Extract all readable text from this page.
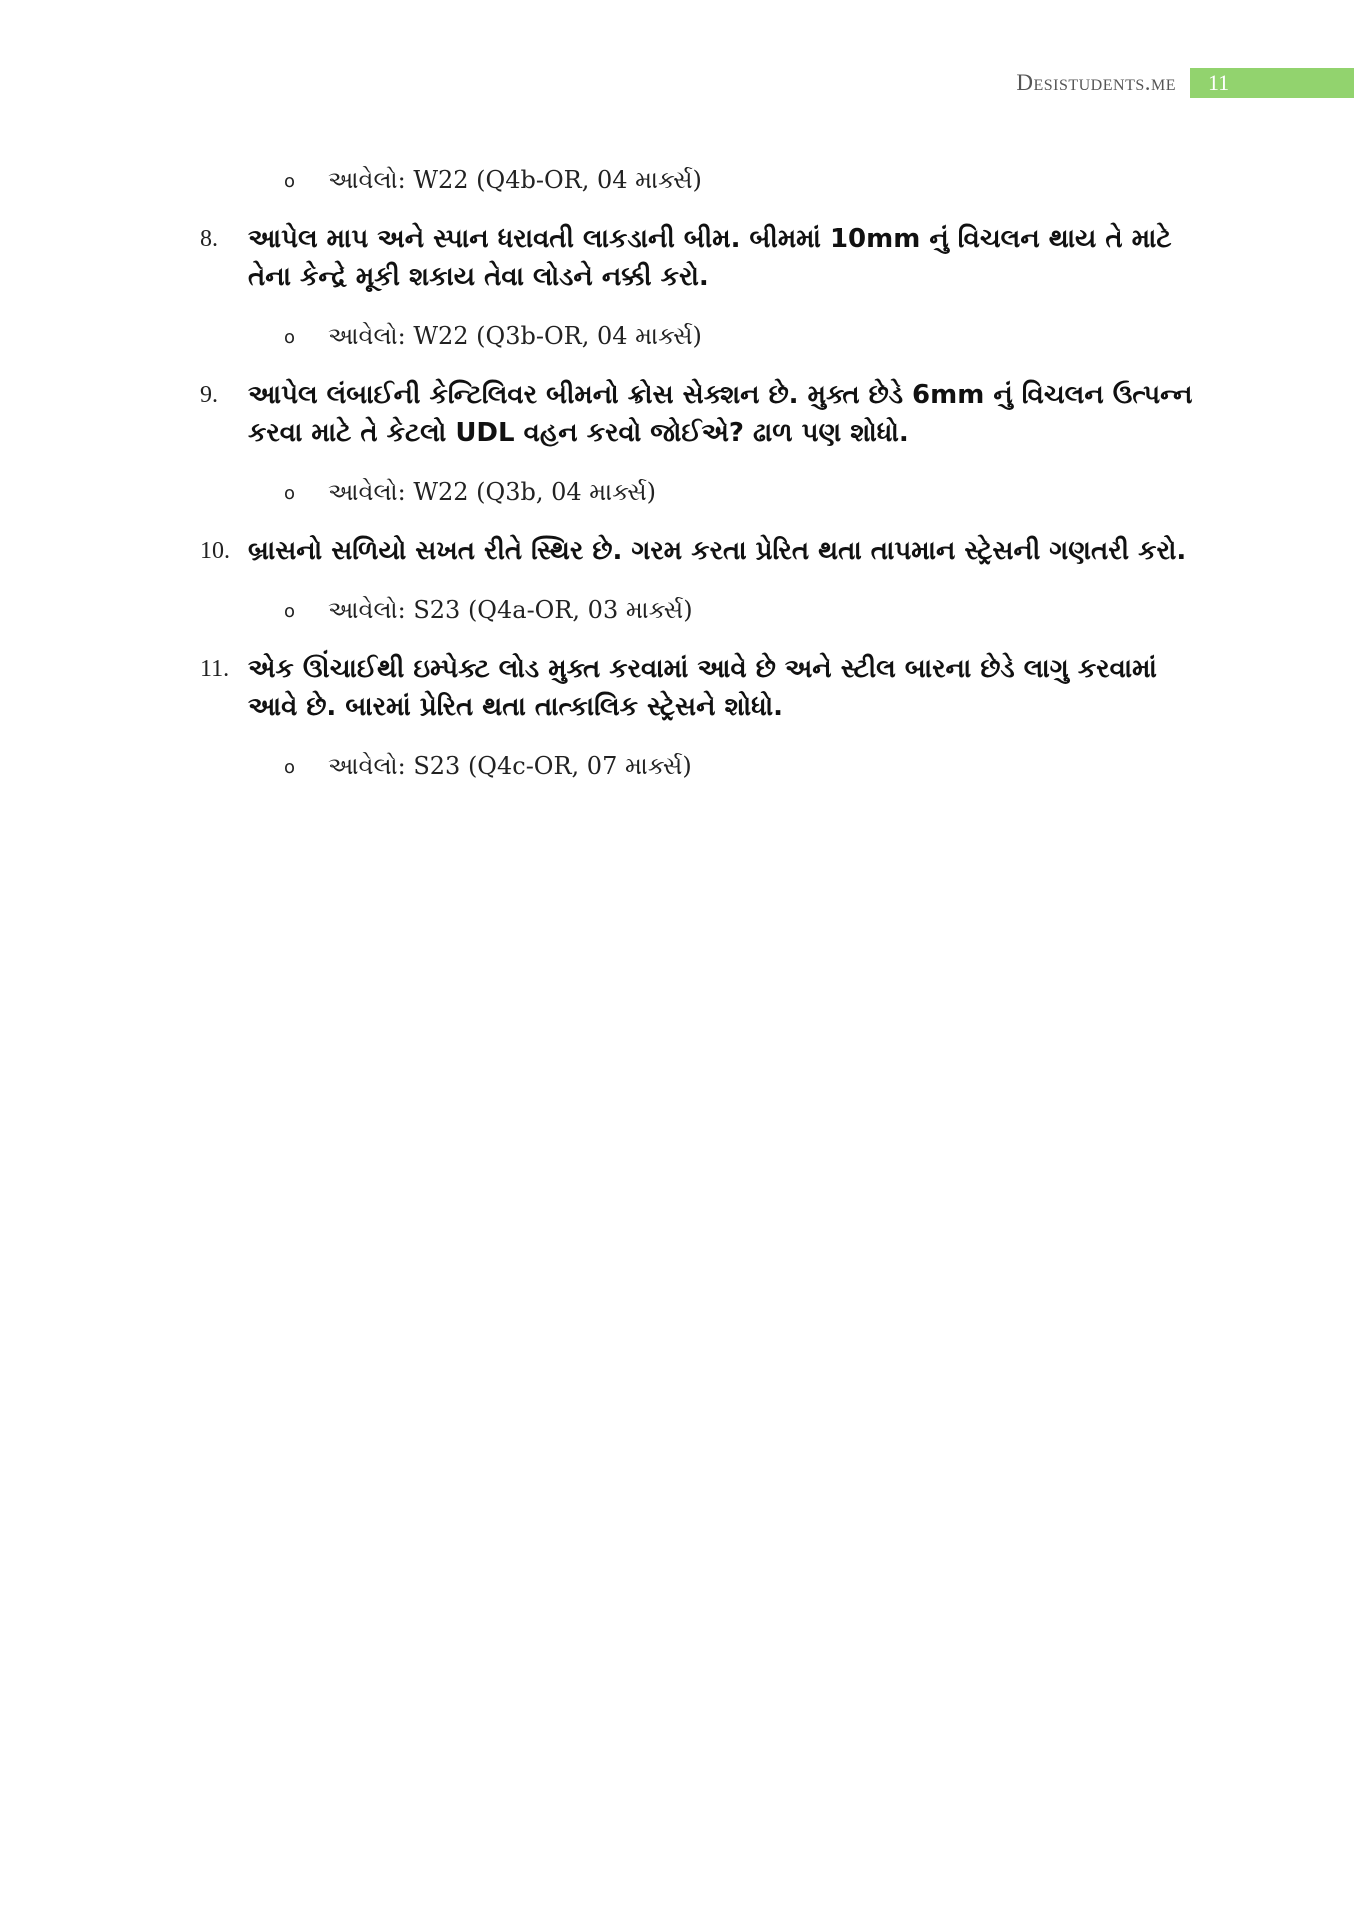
Desistudents.me	11
o આવેલો: W22 (Q4b-OR, 04 માર્ક્સ)
8. આપેલ માપ અને સ્પાન ધરાવતી લાકડાની બીમ. બીમમાં 10mm નું વિચલન થાય તે માટે તેના કેન્દ્રે મૂકી શકાય તેવા લોડને નક્કી કરો.
o આવેલો: W22 (Q3b-OR, 04 માર્ક્સ)
9. આપેલ લંબાઈની કેન્ટિલિવર બીમનો ક્રોસ સેક્શન છે. મુક્ત છેડે 6mm નું વિચલન ઉત્પન્ન કરવા માટે તે કેટલો UDL વહન કરવો જોઈએ? ઢાળ પણ શોધો.
o આવેલો: W22 (Q3b, 04 માર્ક્સ)
10. બ્રાસનો સળિયો સખત રીતે સ્થિર છે. ગરમ કરતા પ્રેરિત થતા તાપમાન સ્ટ્રેસની ગણતરી કરો.
o આવેલો: S23 (Q4a-OR, 03 માર્ક્સ)
11. એક ઊંચાઈથી ઇમ્પેક્ટ લોડ મુક્ત કરવામાં આવે છે અને સ્ટીલ બારના છેડે લાગુ કરવામાં આવે છે. બારમાં પ્રેરિત થતા તાત્કાલિક સ્ટ્રેસને શોધો.
o આવેલો: S23 (Q4c-OR, 07 માર્ક્સ)
